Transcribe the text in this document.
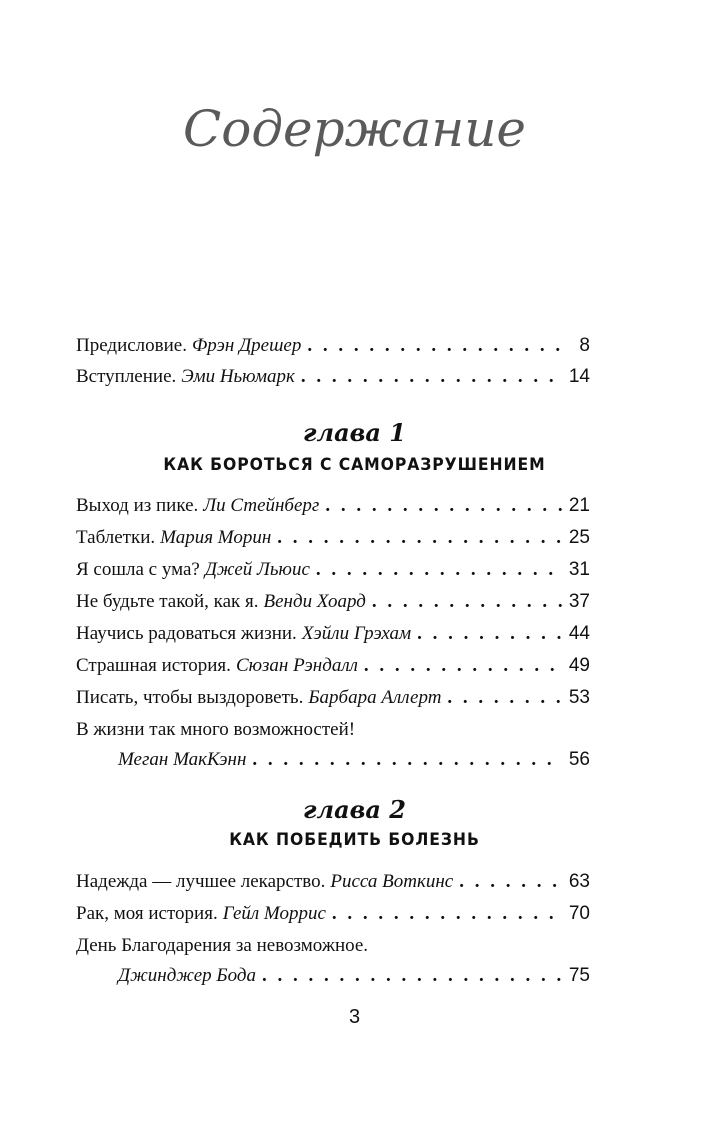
Содержание
Предисловие. Фрэн Дрешер . . .	8
Вступление. Эми Ньюмарк . . .	14
глава 1
КАК БОРОТЬСЯ С САМОРАЗРУШЕНИЕМ
Выход из пике. Ли Стейнберг . . .	21
Таблетки. Мария Морин . . .	25
Я сошла с ума? Джей Льюис . . .	31
Не будьте такой, как я. Венди Хоард . . .	37
Научись радоваться жизни. Хэйли Грэхам . . .	44
Страшная история. Сюзан Рэндалл . . .	49
Писать, чтобы выздороветь. Барбара Аллерт . . .	53
В жизни так много возможностей!
Меган МакКэнн . . .	56
глава 2
КАК ПОБЕДИТЬ БОЛЕЗНЬ
Надежда — лучшее лекарство. Рисса Воткинс . . .	63
Рак, моя история. Гейл Моррис . . .	70
День Благодарения за невозможное.
Джинджер Бода . . .	75
3
